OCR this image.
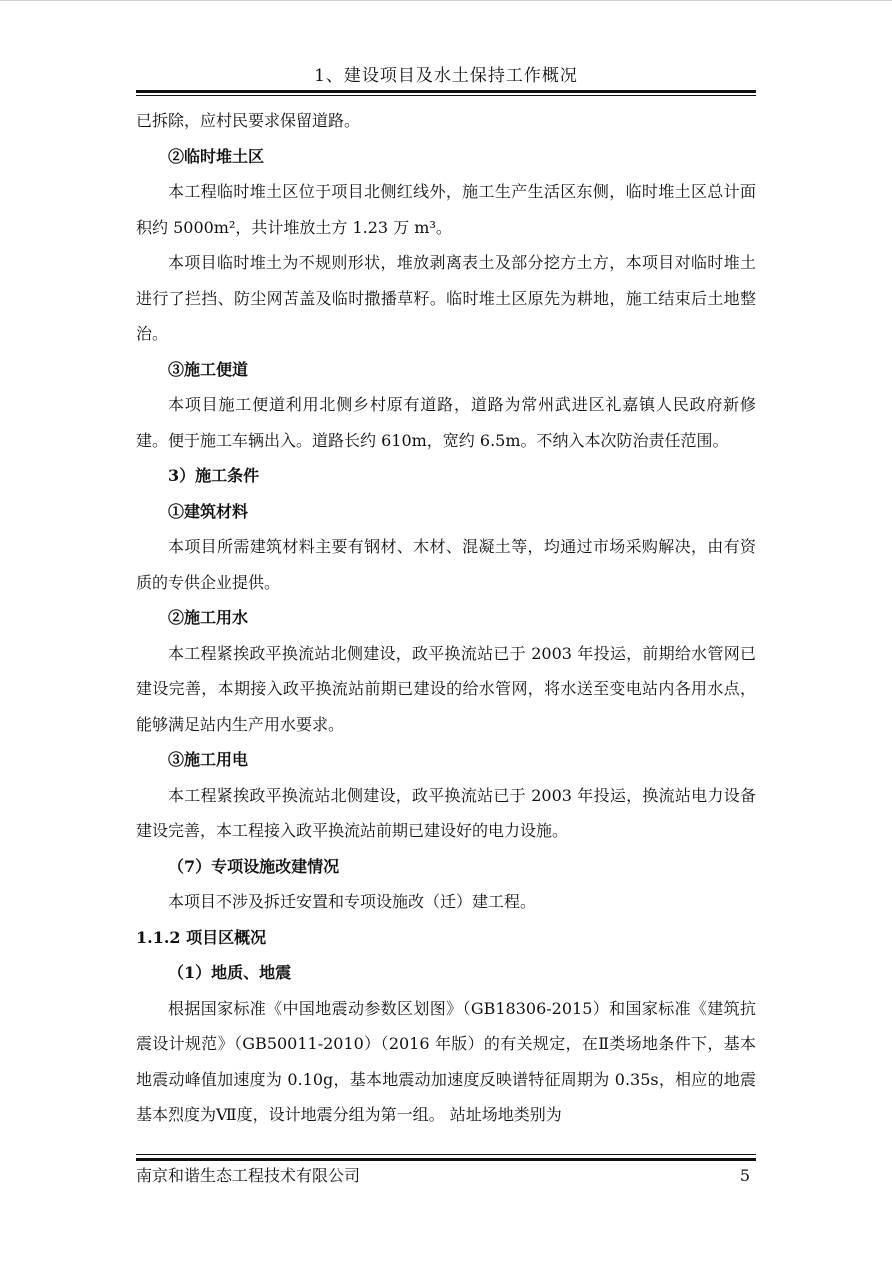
1、建设项目及水土保持工作概况

已拆除，应村民要求保留道路。

②临时堆土区

本工程临时堆土区位于项目北侧红线外，施工生产生活区东侧，临时堆土区总计面积约 5000m²，共计堆放土方 1.23 万 m³。

本项目临时堆土为不规则形状，堆放剥离表土及部分挖方土方，本项目对临时堆土进行了拦挡、防尘网苫盖及临时撒播草籽。临时堆土区原先为耕地，施工结束后土地整治。

③施工便道

本项目施工便道利用北侧乡村原有道路，道路为常州武进区礼嘉镇人民政府新修建。便于施工车辆出入。道路长约 610m，宽约 6.5m。不纳入本次防治责任范围。

3）施工条件

①建筑材料

本项目所需建筑材料主要有钢材、木材、混凝土等，均通过市场采购解决，由有资质的专供企业提供。

②施工用水

本工程紧挨政平换流站北侧建设，政平换流站已于 2003 年投运，前期给水管网已建设完善，本期接入政平换流站前期已建设的给水管网，将水送至变电站内各用水点，能够满足站内生产用水要求。

③施工用电

本工程紧挨政平换流站北侧建设，政平换流站已于 2003 年投运，换流站电力设备建设完善，本工程接入政平换流站前期已建设好的电力设施。

（7）专项设施改建情况

本项目不涉及拆迁安置和专项设施改（迁）建工程。

1.1.2 项目区概况

（1）地质、地震

根据国家标准《中国地震动参数区划图》（GB18306-2015）和国家标准《建筑抗震设计规范》（GB50011-2010）（2016 年版）的有关规定，在Ⅱ类场地条件下，基本地震动峰值加速度为 0.10g，基本地震动加速度反映谱特征周期为 0.35s，相应的地震基本烈度为Ⅶ度，设计地震分组为第一组。 站址场地类别为

南京和谐生态工程技术有限公司	5
